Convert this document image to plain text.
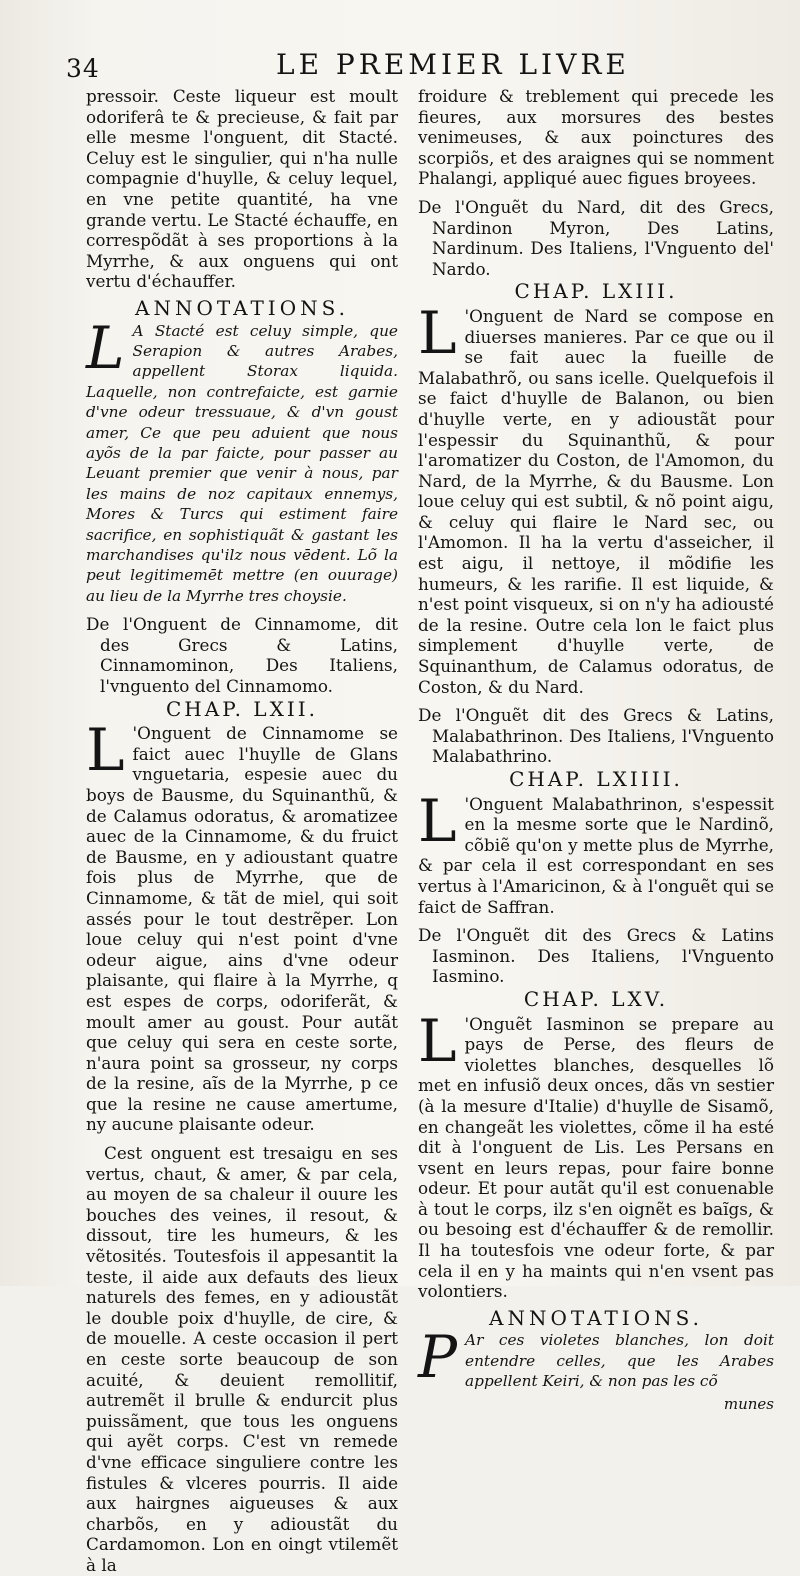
34	LE PREMIER LIVRE

pressoir. Ceste liqueur est moult odoriferâ te & precieuse, & fait par elle mesme l'onguent, dit Stacté. Celuy est le singulier, qui n'ha nulle compagnie d'huylle, & celuy lequel, en vne petite quantité, ha vne grande vertu. Le Stacté échauffe, en correspõdãt à ses proportions à la Myrrhe, & aux onguens qui ont vertu d'échauffer.

ANNOTATIONS.

L A Stacté est celuy simple, que Serapion & autres Arabes, appellent Storax liquida. Laquelle, non contrefaicte, est garnie d'vne odeur tressuaue, & d'vn goust amer, Ce que peu aduient que nous ayõs de la par faicte, pour passer au Leuant premier que venir à nous, par les mains de noz capitaux ennemys, Mores & Turcs qui estiment faire sacrifice, en sophistiquãt & gastant les marchandises qu'ilz nous vēdent. Lõ la peut legitimemēt mettre (en ouurage) au lieu de la Myrrhe tres choysie.

De l'Onguent de Cinnamome, dit des Grecs & Latins, Cinnamominon, Des Italiens, l'vnguento del Cinnamomo.

CHAP. LXII.

L 'Onguent de Cinnamome se faict auec l'huylle de Glans vnguetaria, espesie auec du boys de Bausme, du Squinanthũ, & de Calamus odoratus, & aromatizee auec de la Cinnamome, & du fruict de Bausme, en y adioustant quatre fois plus de Myrrhe, que de Cinnamome, & tãt de miel, qui soit assés pour le tout destrẽper. Lon loue celuy qui n'est point d'vne odeur aigue, ains d'vne odeur plaisante, qui flaire à la Myrrhe, q est espes de corps, odoriferãt, & moult amer au goust. Pour autãt que celuy qui sera en ceste sorte, n'aura point sa grosseur, ny corps de la resine, aĩs de la Myrrhe, p ce que la resine ne cause amertume, ny aucune plaisante odeur.

Cest onguent est tresaigu en ses vertus, chaut, & amer, & par cela, au moyen de sa chaleur il ouure les bouches des veines, il resout, & dissout, tire les humeurs, & les vẽtosités. Toutesfois il appesantit la teste, il aide aux defauts des lieux naturels des femes, en y adioustãt le double poix d'huylle, de cire, & de mouelle. A ceste occasion il pert en ceste sorte beaucoup de son acuité, & deuient remollitif, autremẽt il brulle & endurcit plus puissãment, que tous les onguens qui ayẽt corps. C'est vn remede d'vne efficace singuliere contre les fistules & vlceres pourris. Il aide aux hairgnes aigueuses & aux charbõs, en y adioustãt du Cardamomon. Lon en oingt vtilemẽt à la

froidure & treblement qui precede les fieures, aux morsures des bestes venimeuses, & aux poinctures des scorpiõs, et des araignes qui se nomment Phalangi, appliqué auec figues broyees.

De l'Onguẽt du Nard, dit des Grecs, Nardinon Myron, Des Latins, Nardinum. Des Italiens, l'Vnguento del' Nardo.

CHAP. LXIII.

L 'Onguent de Nard se compose en diuerses manieres. Par ce que ou il se fait auec la fueille de Malabathrõ, ou sans icelle. Quelquefois il se faict d'huylle de Balanon, ou bien d'huylle verte, en y adioustãt pour l'espessir du Squinanthũ, & pour l'aromatizer du Coston, de l'Amomon, du Nard, de la Myrrhe, & du Bausme. Lon loue celuy qui est subtil, & nõ point aigu, & celuy qui flaire le Nard sec, ou l'Amomon. Il ha la vertu d'asseicher, il est aigu, il nettoye, il mõdifie les humeurs, & les rarifie. Il est liquide, & n'est point visqueux, si on n'y ha adiousté de la resine. Outre cela lon le faict plus simplement d'huylle verte, de Squinanthum, de Calamus odoratus, de Coston, & du Nard.

De l'Onguẽt dit des Grecs & Latins, Malabathrinon. Des Italiens, l'Vnguento Malabathrino.

CHAP. LXIIII.

L 'Onguent Malabathrinon, s'espessit en la mesme sorte que le Nardinõ, cõbiẽ qu'on y mette plus de Myrrhe, & par cela il est correspondant en ses vertus à l'Amaricinon, & à l'onguẽt qui se faict de Saffran.

De l'Onguẽt dit des Grecs & Latins Iasminon. Des Italiens, l'Vnguento Iasmino.

CHAP. LXV.

L 'Onguẽt Iasminon se prepare au pays de Perse, des fleurs de violettes blanches, desquelles lõ met en infusiõ deux onces, dãs vn sestier (à la mesure d'Italie) d'huylle de Sisamõ, en changeãt les violettes, cõme il ha esté dit à l'onguent de Lis. Les Persans en vsent en leurs repas, pour faire bonne odeur. Et pour autãt qu'il est conuenable à tout le corps, ilz s'en oignẽt es baĩgs, & ou besoing est d'échauffer & de remollir. Il ha toutesfois vne odeur forte, & par cela il en y ha maints qui n'en vsent pas volontiers.

ANNOTATIONS.

P Ar ces violetes blanches, lon doit entendre celles, que les Arabes appellent Keiri, & non pas les cõ

munes
